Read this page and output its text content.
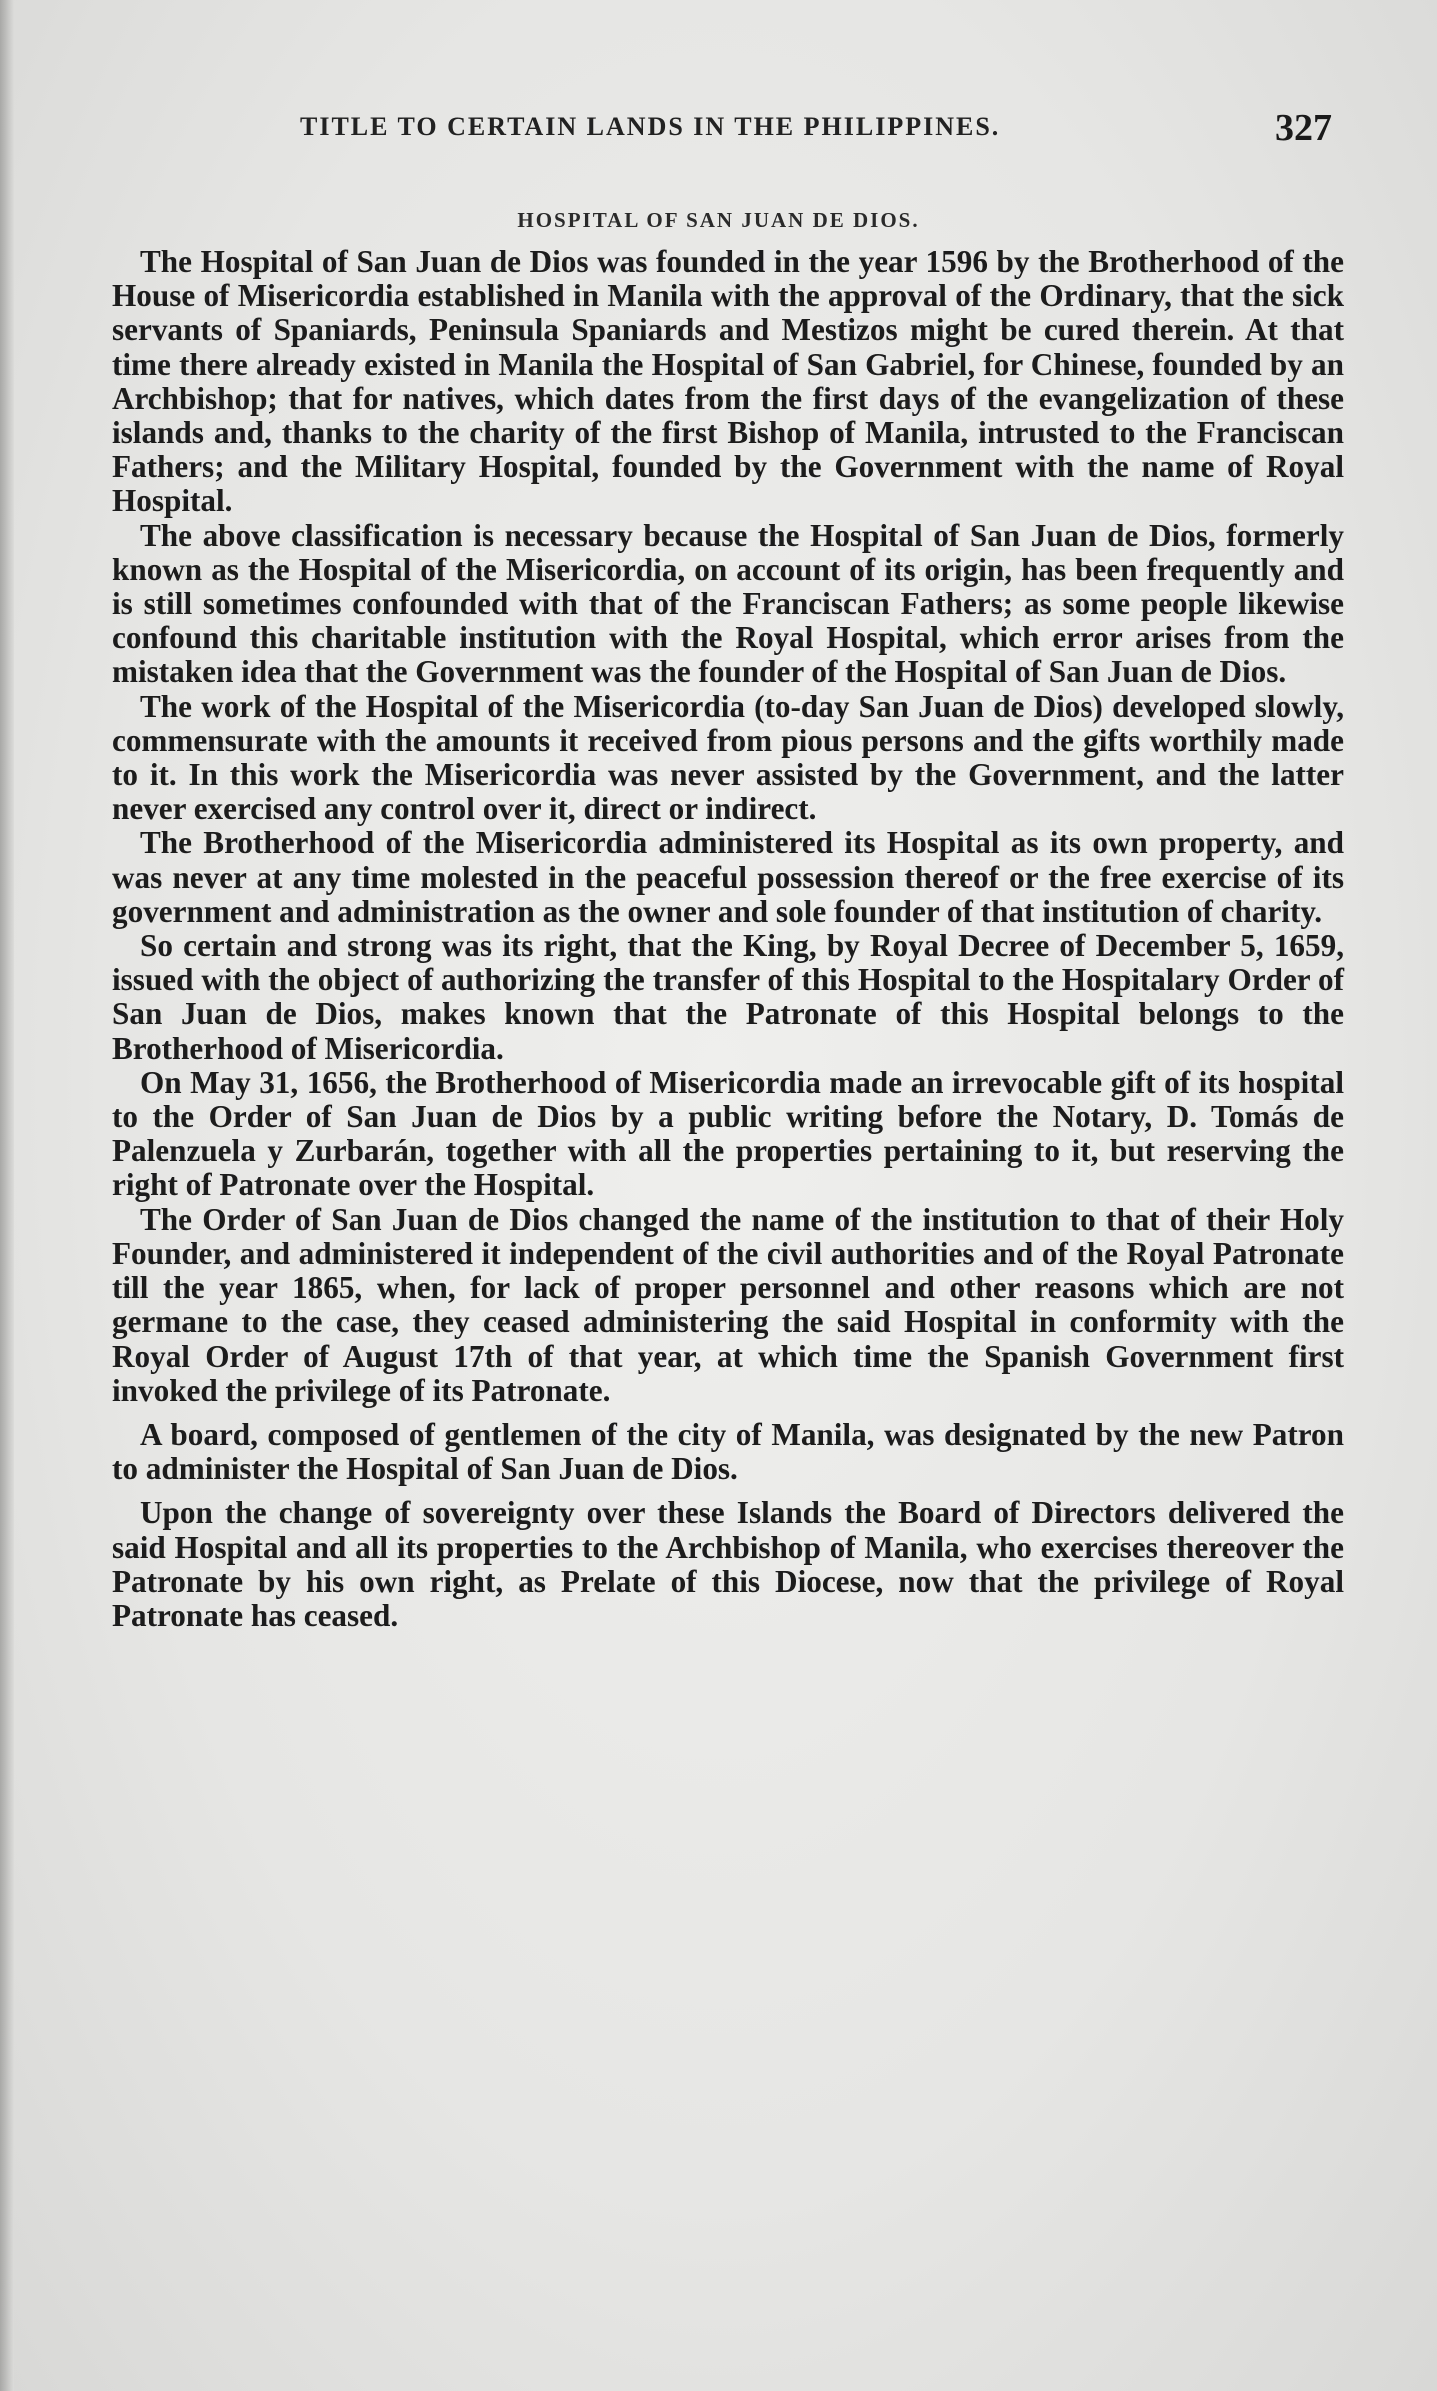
TITLE TO CERTAIN LANDS IN THE PHILIPPINES.	327
HOSPITAL OF SAN JUAN DE DIOS.

The Hospital of San Juan de Dios was founded in the year 1596 by the Brotherhood of the House of Misericordia established in Manila with the approval of the Ordinary, that the sick servants of Spaniards, Peninsula Spaniards and Mestizos might be cured therein. At that time there already existed in Manila the Hospital of San Gabriel, for Chinese, founded by an Archbishop; that for natives, which dates from the first days of the evangelization of these islands and, thanks to the charity of the first Bishop of Manila, intrusted to the Franciscan Fathers; and the Military Hospital, founded by the Government with the name of Royal Hospital.

The above classification is necessary because the Hospital of San Juan de Dios, formerly known as the Hospital of the Misericordia, on account of its origin, has been frequently and is still sometimes confounded with that of the Franciscan Fathers; as some people likewise confound this charitable institution with the Royal Hospital, which error arises from the mistaken idea that the Government was the founder of the Hospital of San Juan de Dios.

The work of the Hospital of the Misericordia (to-day San Juan de Dios) developed slowly, commensurate with the amounts it received from pious persons and the gifts worthily made to it. In this work the Misericordia was never assisted by the Government, and the latter never exercised any control over it, direct or indirect.

The Brotherhood of the Misericordia administered its Hospital as its own property, and was never at any time molested in the peaceful possession thereof or the free exercise of its government and administration as the owner and sole founder of that institution of charity.

So certain and strong was its right, that the King, by Royal Decree of December 5, 1659, issued with the object of authorizing the transfer of this Hospital to the Hospitalary Order of San Juan de Dios, makes known that the Patronate of this Hospital belongs to the Brotherhood of Misericordia.

On May 31, 1656, the Brotherhood of Misericordia made an irrevocable gift of its hospital to the Order of San Juan de Dios by a public writing before the Notary, D. Tomás de Palenzuela y Zurbarán, together with all the properties pertaining to it, but reserving the right of Patronate over the Hospital.

The Order of San Juan de Dios changed the name of the institution to that of their Holy Founder, and administered it independent of the civil authorities and of the Royal Patronate till the year 1865, when, for lack of proper personnel and other reasons which are not germane to the case, they ceased administering the said Hospital in conformity with the Royal Order of August 17th of that year, at which time the Spanish Government first invoked the privilege of its Patronate.

A board, composed of gentlemen of the city of Manila, was designated by the new Patron to administer the Hospital of San Juan de Dios.

Upon the change of sovereignty over these Islands the Board of Directors delivered the said Hospital and all its properties to the Archbishop of Manila, who exercises thereover the Patronate by his own right, as Prelate of this Diocese, now that the privilege of Royal Patronate has ceased.
